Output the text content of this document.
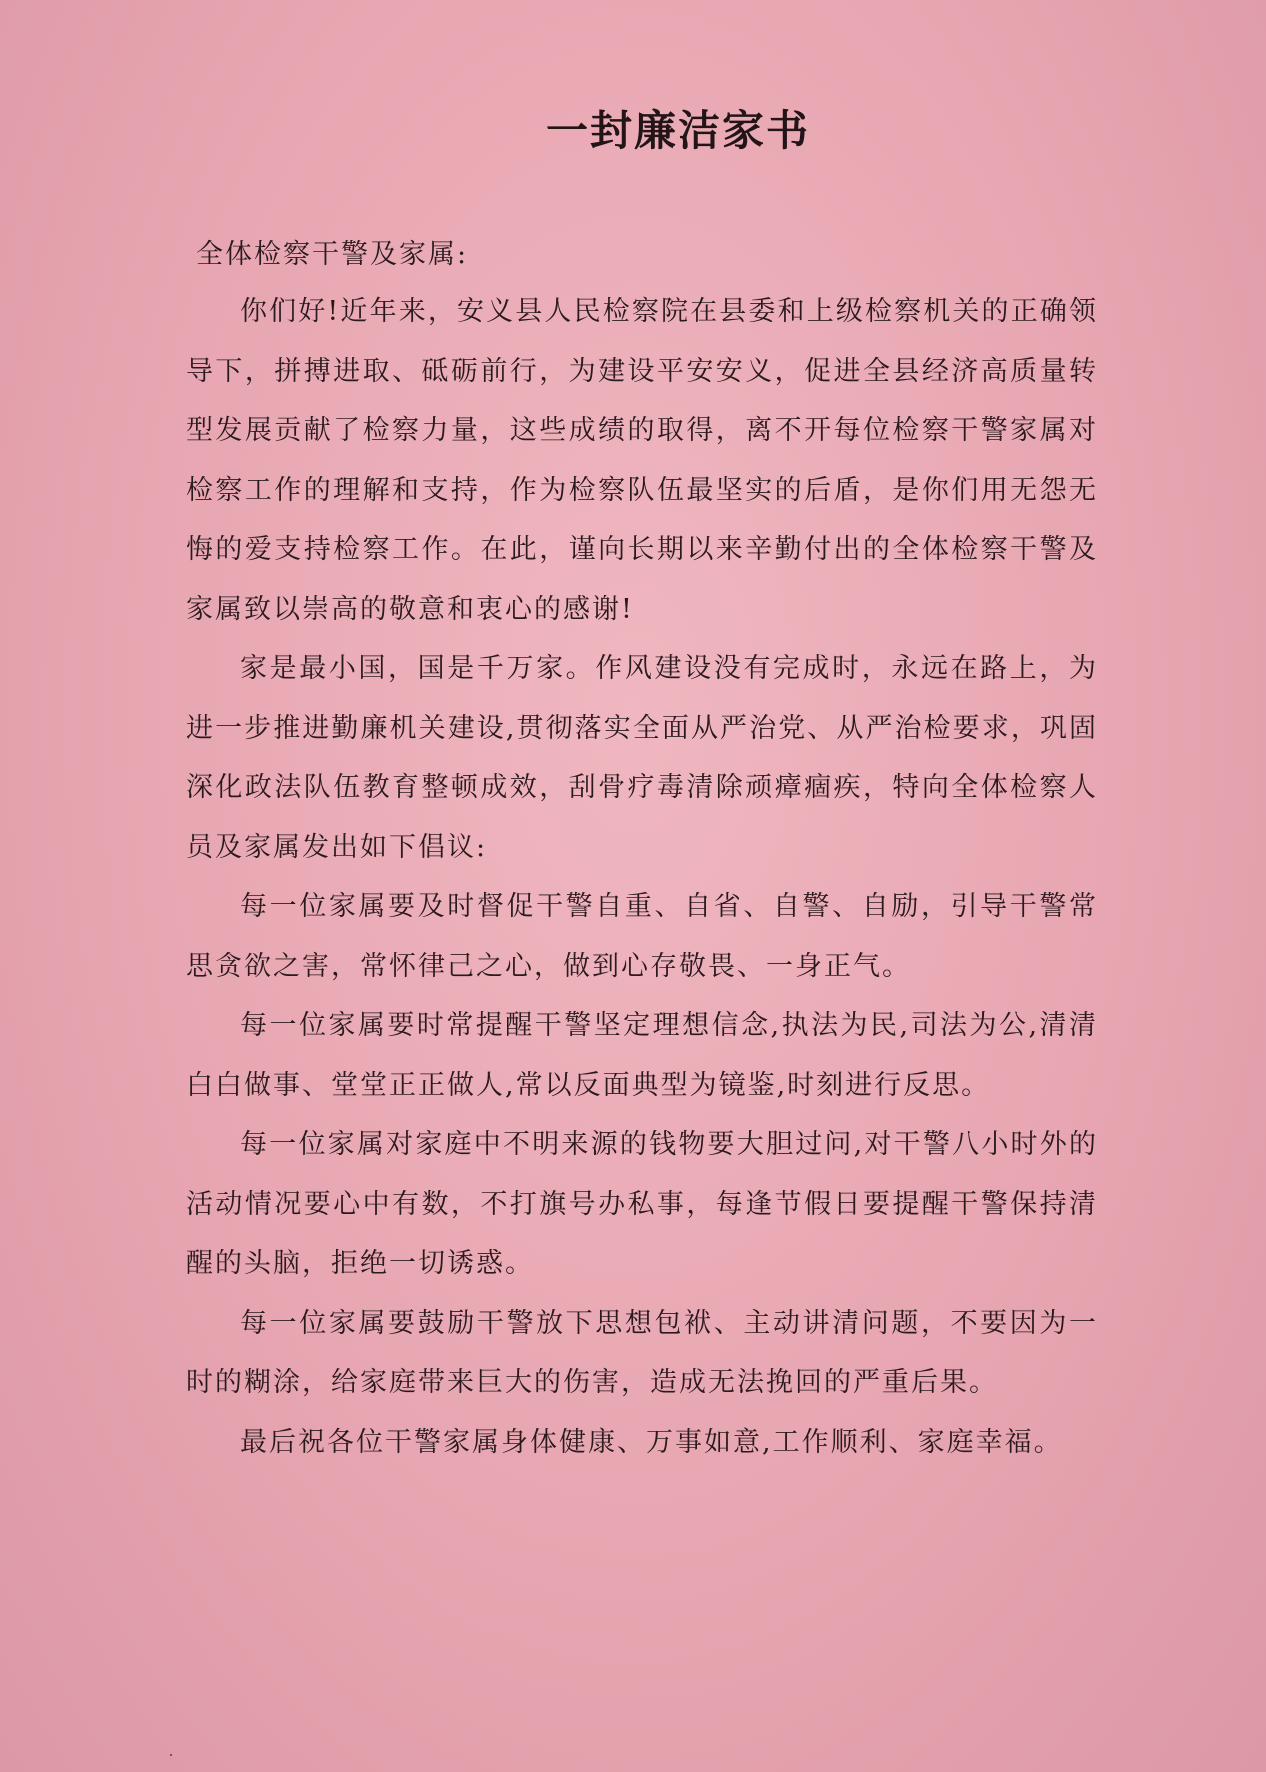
一封廉洁家书
全体检察干警及家属:

你们好!近年来，安义县人民检察院在县委和上级检察机关的正确领导下，拼搏进取、砥砺前行，为建设平安安义，促进全县经济高质量转型发展贡献了检察力量，这些成绩的取得，离不开每位检察干警家属对检察工作的理解和支持，作为检察队伍最坚实的后盾，是你们用无怨无悔的爱支持检察工作。在此，谨向长期以来辛勤付出的全体检察干警及家属致以崇高的敬意和衷心的感谢!

家是最小国，国是千万家。作风建设没有完成时，永远在路上，为进一步推进勤廉机关建设,贯彻落实全面从严治党、从严治检要求，巩固深化政法队伍教育整顿成效，刮骨疗毒清除顽瘴痼疾，特向全体检察人员及家属发出如下倡议:

每一位家属要及时督促干警自重、自省、自警、自励，引导干警常思贪欲之害，常怀律己之心，做到心存敬畏、一身正气。

每一位家属要时常提醒干警坚定理想信念,执法为民,司法为公,清清白白做事、堂堂正正做人,常以反面典型为镜鉴,时刻进行反思。

每一位家属对家庭中不明来源的钱物要大胆过问,对干警八小时外的活动情况要心中有数，不打旗号办私事，每逢节假日要提醒干警保持清醒的头脑，拒绝一切诱惑。

每一位家属要鼓励干警放下思想包袱、主动讲清问题，不要因为一时的糊涂，给家庭带来巨大的伤害，造成无法挽回的严重后果。

最后祝各位干警家属身体健康、万事如意,工作顺利、家庭幸福。
